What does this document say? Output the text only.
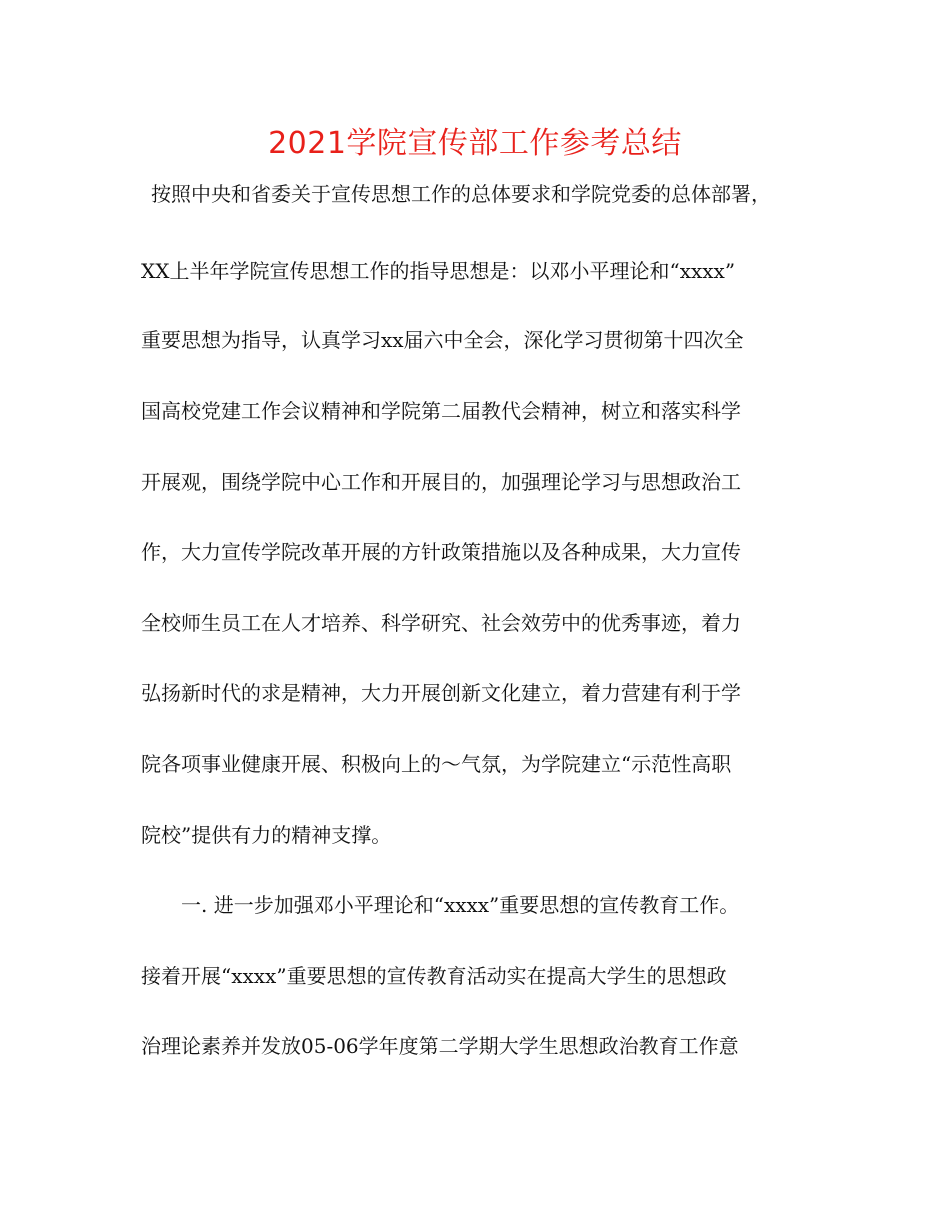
2021学院宣传部工作参考总结

按照中央和省委关于宣传思想工作的总体要求和学院党委的总体部署，

XX上半年学院宣传思想工作的指导思想是：以邓小平理论和“xxxx”

重要思想为指导，认真学习xx届六中全会，深化学习贯彻第十四次全

国高校党建工作会议精神和学院第二届教代会精神，树立和落实科学

开展观，围绕学院中心工作和开展目的，加强理论学习与思想政治工

作，大力宣传学院改革开展的方针政策措施以及各种成果，大力宣传

全校师生员工在人才培养、科学研究、社会效劳中的优秀事迹，着力

弘扬新时代的求是精神，大力开展创新文化建立，着力营建有利于学

院各项事业健康开展、积极向上的～气氛，为学院建立“示范性高职

院校”提供有力的精神支撑。

一. 进一步加强邓小平理论和“xxxx”重要思想的宣传教育工作。

接着开展“xxxx”重要思想的宣传教育活动实在提高大学生的思想政

治理论素养并发放05-06学年度第二学期大学生思想政治教育工作意
